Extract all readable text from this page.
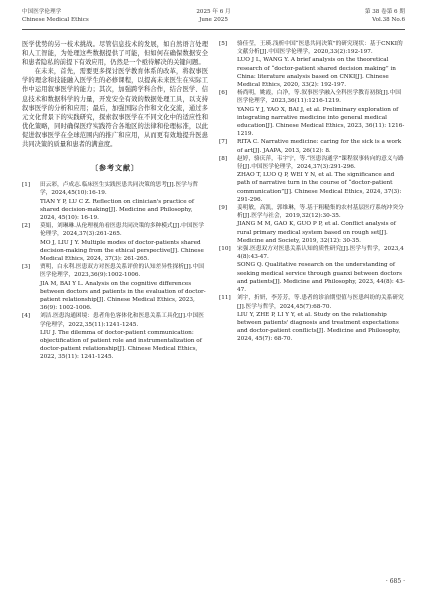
中国医学伦理学
Chinese Medical Ethics
2025 年 6 月
June 2025
第 38 卷第 6 期
Vol.38 No.6

医学优势的另一枝术挑战。尽管信息技术的发展，如自然语言处理和人工智能，为处理这些数据提供了可能，但如何在确保数据安全和患者隐私的前提下有效应用，仍然是一个亟待解决的关键问题。

在未来，首先，需要更多探讨医学教育体系的改革，将叙事医学的理念和技能融入医学生的必修课程，以提高未来医生在实际工作中运用叙事医学的能力；其次，加强跨学科合作，结合医学、信息技术和数据科学的力量，开发安全有效的数据处理工具，以支持叙事医学的分析和应用；最后，加强国际合作和文化交流，通过多元文化背景下的实践研究，探索叙事医学在不同文化中的适应性和优化策略，同时确保医疗实践符合各地区的法律和伦理标准，以此促进叙事医学在全球范围内的推广和应用，从而更有效地提升医患共同决策的质量和患者的满意度。

〔参考文献〕
[1] 田云彩，卢成志.临床医生实践医患共同决策的思考[J].医学与哲学，2024,45(10):16-19.
TIAN Y P, LU C Z. Reflection on clinician's practice of shared decision-making[J]. Medicine and Philosophy, 2024, 45(10): 16-19.
[2] 莫娟，刘琳琳.从伦理视角看医患共同决策的多种模式[J].中国医学伦理学，2024,37(3):261-265.
MO J, LIU J Y. Multiple modes of doctor-patients shared decision-making from the ethical perspective[J]. Chinese Medical Ethics, 2024, 37(3): 261-265.
[3] 贾明，白永利.医患双方对医患关系评价的认知差异性探析[J].中国医学伦理学，2023,36(9):1002-1006.
JIA M, BAI Y L. Analysis on the cognitive differences between doctors and patients in the evaluation of doctor-patient relationship[J]. Chinese Medical Ethics, 2023, 36(9): 1002-1006.
[4] 刘洁.医患沟通困境：患者角色客体化和医患关系工具化[J].中国医学伦理学，2022,35(11):1241-1245.
LIU J. The dilemma of doctor-patient communication: objectification of patient role and instrumentalization of doctor-patient relationship[J]. Chinese Medical Ethics, 2022, 35(11): 1241-1245.
[5] 骆佳莹，王瑛.浅析中国“医患共同决策”的研究现状：基于CNKI的文献分析[J].中国医学伦理学，2020,33(2):192-197.
LUO J L, WANG Y. A brief analysis on the theoretical research of “doctor-patient shared decision making” in China: literature analysis based on CNKI[J]. Chinese Medical Ethics, 2020, 33(2): 192-197.
[6] 杨尚明，姚霞，白净，等.叙事医学融入全科医学教育初探[J].中国医学伦理学，2023,36(11):1216-1219.
YANG Y J, YAO X, BAI J, et al. Preliminary exploration of integrating narrative medicine into general medical education[J]. Chinese Medical Ethics, 2023, 36(11): 1216-1219.
[7] RITA C. Narrative medicine: caring for the sick is a work of art[J]. JAAPA, 2013, 26(12): 8.
[8] 赵婷，骆庆萍，韦宇宁，等.“医患沟通学”课程叙事转向的意义与路径[J].中国医学伦理学，2024,37(3):291-296.
ZHAO T, LUO Q P, WEI Y N, et al. The significance and path of narrative turn in the course of “doctor-patient communication”[J]. Chinese Medical Ethics, 2024, 37(3): 291-296.
[9] 姜明敏，高凯，郭维琳，等.基于粗糙集的农村基层医疗系统冲突分析[J].医学与社会，2019,32(12):30-35.
JIANG M M, GAO K, GUO P P, et al. Conflict analysis of rural primary medical system based on rough set[J]. Medicine and Society, 2019, 32(12): 30-35.
[10] 宋强.医患双方对医患关系认知的质性研究[J].医学与哲学，2023,44(8):43-47.
SONG Q. Qualitative research on the understanding of seeking medical service through guanxi between doctors and patients[J]. Medicine and Philosophy, 2023, 44(8): 43-47.
[11] 刘宇，折妍，李芳芳，等.患者的诊治期望值与医患纠纷的关系研究[J].医学与哲学，2024,45(7):68-70.
LIU Y, ZHE P, LI Y Y, et al. Study on the relationship between patients' diagnosis and treatment expectations and doctor-patient conflicts[J]. Medicine and Philosophy, 2024, 45(7): 68-70.
· 685 ·
